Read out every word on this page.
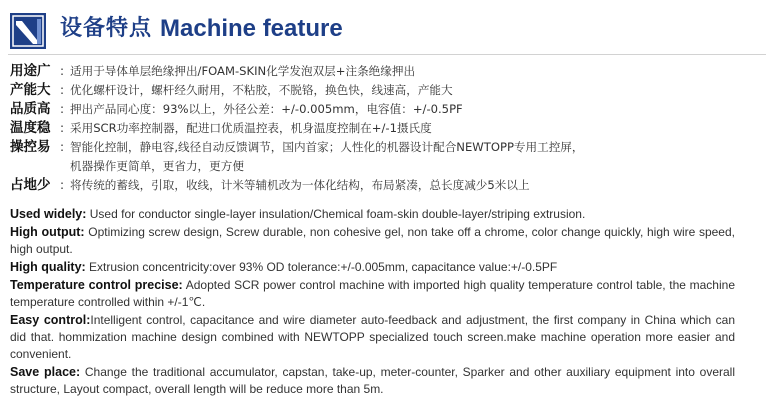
设备特点 Machine feature
用途广 : 适用于导体单层绝缘押出/FOAM-SKIN化学发泡双层+注条绝缘押出
产能大 : 优化螺杆设计，螺杆经久耐用，不粘胶，不脱铬，换色快，线速高，产能大
品质高 : 押出产品同心度：93%以上，外径公差：+/-0.005mm，电容值：+/-0.5PF
温度稳 : 采用SCR功率控制器，配进口优质温控表，机身温度控制在+/-1摄氏度
操控易 : 智能化控制，静电容,线径自动反馈调节，国内首家；人性化的机器设计配合NEWTOPP专用工控屏，
机器操作更简单，更省力，更方便
占地少 : 将传统的蓄线，引取，收线，计米等辅机改为一体化结构，布局紧凑，总长度减少5米以上

Used widely: Used for conductor single-layer insulation/Chemical foam-skin double-layer/striping extrusion.

High output: Optimizing screw design, Screw durable, non cohesive gel, non take off a chrome, color change quickly, high wire speed, high output.

High quality: Extrusion concentricity:over 93% OD tolerance:+/-0.005mm, capacitance value:+/-0.5PF

Temperature control precise: Adopted SCR power control machine with imported high quality temperature control table, the machine temperature controlled within +/-1℃.

Easy control:Intelligent control, capacitance and wire diameter auto-feedback and adjustment, the first company in China which can did that. hommization machine design combined with NEWTOPP specialized touch screen.make machine operation more easier and convenient.

Save place: Change the traditional accumulator, capstan, take-up, meter-counter, Sparker and other auxiliary equipment into overall structure, Layout compact, overall length will be reduce more than 5m.
